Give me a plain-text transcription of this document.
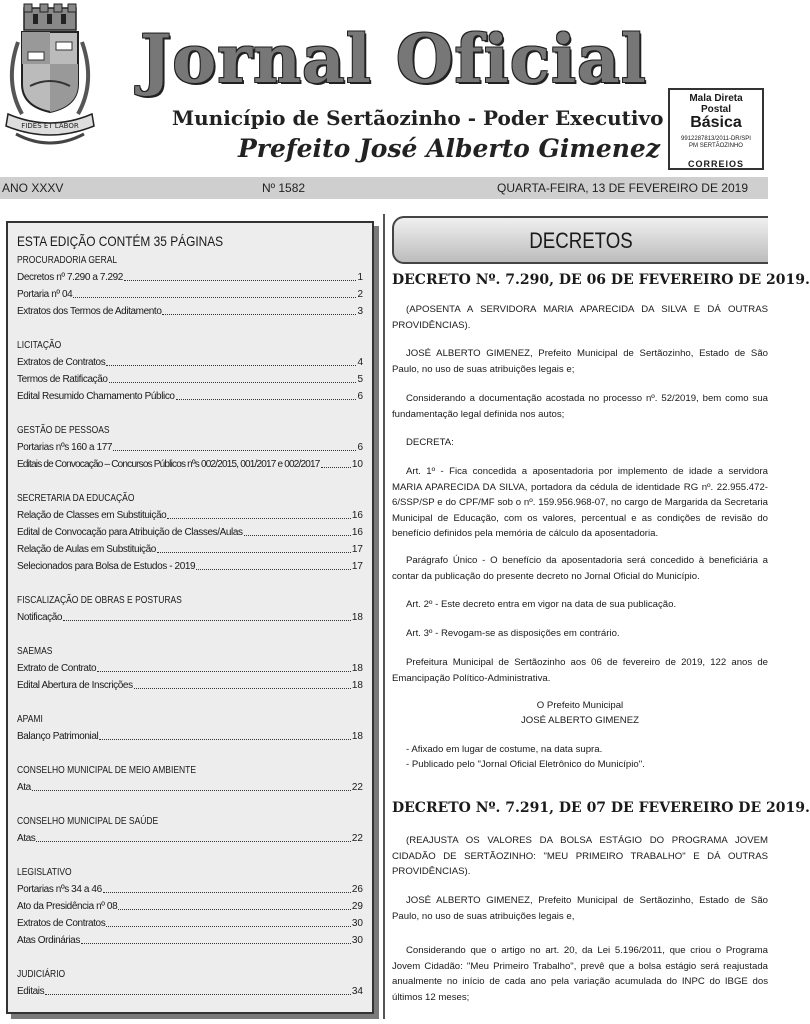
FIDES ET LABOR
Jornal Oficial
Município de Sertãozinho - Poder Executivo
Prefeito José Alberto Gimenez
Mala Direta Postal
Básica
9912287813/2011-DR/SPI
PM SERTÃOZINHO
CORREIOS
ANO XXXV	Nº 1582	QUARTA-FEIRA, 13 DE FEVEREIRO DE 2019
ESTA EDIÇÃO CONTÉM 35 PÁGINAS
PROCURADORIA GERAL
Decretos nº 7.290 a 7.292	1
Portaria nº 04	2
Extratos dos Termos de Aditamento	3
LICITAÇÃO
Extratos de Contratos	4
Termos de Ratificação	5
Edital Resumido Chamamento Público	6
GESTÃO DE PESSOAS
Portarias nºs 160 a 177	6
Editais de Convocação – Concursos Públicos nºs 002/2015, 001/2017 e 002/2017	10
SECRETARIA DA EDUCAÇÃO
Relação de Classes em Substituição	16
Edital de Convocação para Atribuição de Classes/Aulas	16
Relação de Aulas em Substituição	17
Selecionados para Bolsa de Estudos - 2019	17
FISCALIZAÇÃO DE OBRAS E POSTURAS
Notificação	18
SAEMAS
Extrato de Contrato	18
Edital Abertura de Inscrições	18
APAMI
Balanço Patrimonial	18
CONSELHO MUNICIPAL DE MEIO AMBIENTE
Ata	22
CONSELHO MUNICIPAL DE SAÚDE
Atas	22
LEGISLATIVO
Portarias nºs 34 a 46	26
Ato da Presidência nº 08	29
Extratos de Contratos	30
Atas Ordinárias	30
JUDICIÁRIO
Editais	34
DECRETOS
DECRETO Nº. 7.290, DE 06 DE FEVEREIRO DE 2019.
(APOSENTA A SERVIDORA MARIA APARECIDA DA SILVA E DÁ OUTRAS PROVIDÊNCIAS).
JOSÉ ALBERTO GIMENEZ, Prefeito Municipal de Sertãozinho, Estado de São Paulo, no uso de suas atribuições legais e;
Considerando a documentação acostada no processo nº. 52/2019, bem como sua fundamentação legal definida nos autos;
DECRETA:
Art. 1º - Fica concedida a aposentadoria por implemento de idade a servidora MARIA APARECIDA DA SILVA, portadora da cédula de identidade RG nº. 22.955.472-6/SSP/SP e do CPF/MF sob o nº. 159.956.968-07, no cargo de Margarida da Secretaria Municipal de Educação, com os valores, percentual e as condições de revisão do benefício definidos pela memória de cálculo da aposentadoria.
Parágrafo Único - O benefício da aposentadoria será concedido à beneficiária a contar da publicação do presente decreto no Jornal Oficial do Município.
Art. 2º - Este decreto entra em vigor na data de sua publicação.
Art. 3º - Revogam-se as disposições em contrário.
Prefeitura Municipal de Sertãozinho aos 06 de fevereiro de 2019, 122 anos de Emancipação Político-Administrativa.
O Prefeito Municipal
JOSÉ ALBERTO GIMENEZ
- Afixado em lugar de costume, na data supra.
- Publicado pelo "Jornal Oficial Eletrônico do Município".
DECRETO Nº. 7.291, DE 07 DE FEVEREIRO DE 2019.
(REAJUSTA OS VALORES DA BOLSA ESTÁGIO DO PROGRAMA JOVEM CIDADÃO DE SERTÃOZINHO: "MEU PRIMEIRO TRABALHO" E DÁ OUTRAS PROVIDÊNCIAS).
JOSÉ ALBERTO GIMENEZ, Prefeito Municipal de Sertãozinho, Estado de São Paulo, no uso de suas atribuições legais e,
Considerando que o artigo no art. 20, da Lei 5.196/2011, que criou o Programa Jovem Cidadão: "Meu Primeiro Trabalho", prevê que a bolsa estágio será reajustada anualmente no início de cada ano pela variação acumulada do INPC do IBGE dos últimos 12 meses;
